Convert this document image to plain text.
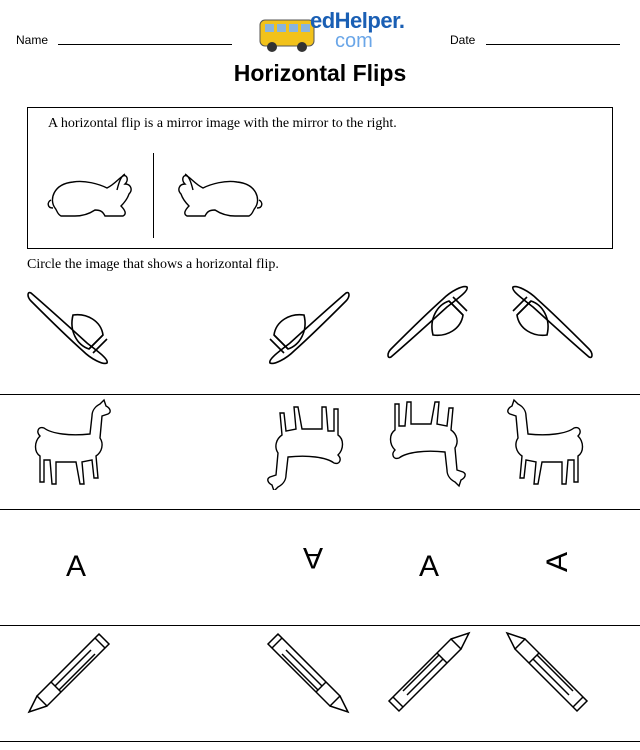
Name	Date
edHelper.
com
Horizontal Flips
A horizontal flip is a mirror image with the mirror to the right.
Circle the image that shows a horizontal flip.
A	A	A	A
